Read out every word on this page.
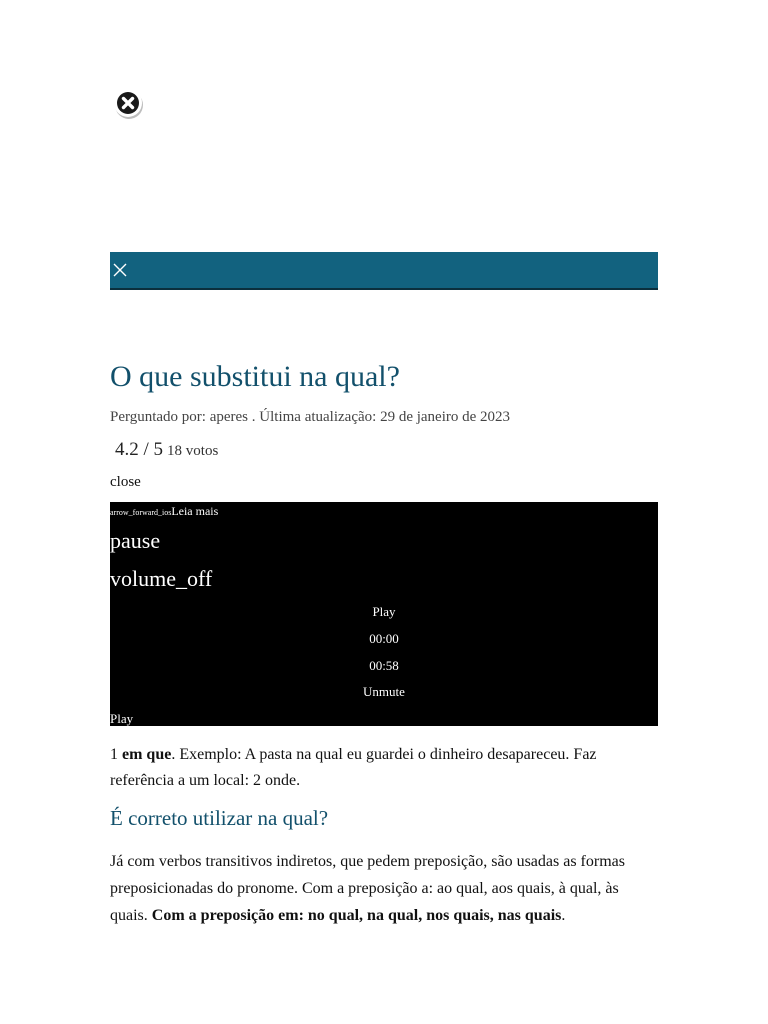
O que substitui na qual?
Perguntado por: aperes . Última atualização: 29 de janeiro de 2023
4.2 / 5 18 votos
close
arrow_forward_iosLeia mais
pause
volume_off
Play
00:00
00:58
Unmute
Play

1 em que. Exemplo: A pasta na qual eu guardei o dinheiro desapareceu. Faz referência a um local: 2 onde.

É correto utilizar na qual?

Já com verbos transitivos indiretos, que pedem preposição, são usadas as formas preposicionadas do pronome. Com a preposição a: ao qual, aos quais, à qual, às quais. Com a preposição em: no qual, na qual, nos quais, nas quais.
